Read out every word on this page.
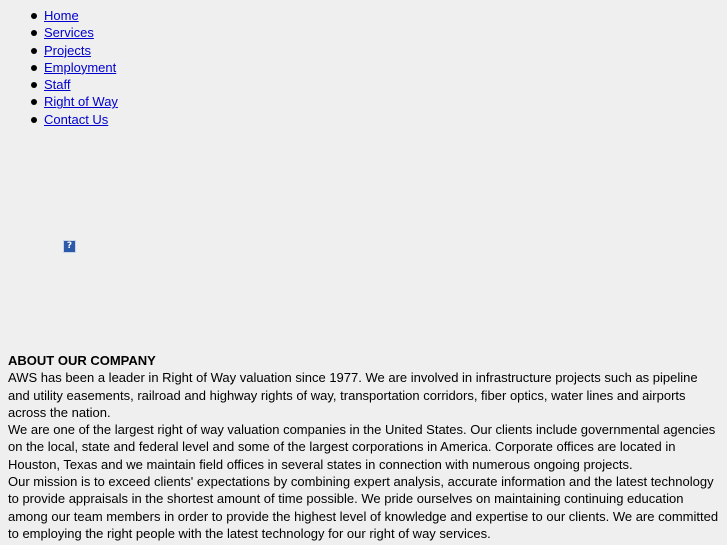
Home
Services
Projects
Employment
Staff
Right of Way
Contact Us
?
ABOUT OUR COMPANY

AWS has been a leader in Right of Way valuation since 1977. We are involved in infrastructure projects such as pipeline and utility easements, railroad and highway rights of way, transportation corridors, fiber optics, water lines and airports across the nation.

We are one of the largest right of way valuation companies in the United States. Our clients include governmental agencies on the local, state and federal level and some of the largest corporations in America. Corporate offices are located in Houston, Texas and we maintain field offices in several states in connection with numerous ongoing projects.

Our mission is to exceed clients' expectations by combining expert analysis, accurate information and the latest technology to provide appraisals in the shortest amount of time possible. We pride ourselves on maintaining continuing education among our team members in order to provide the highest level of knowledge and expertise to our clients. We are committed to employing the right people with the latest technology for our right of way services.
